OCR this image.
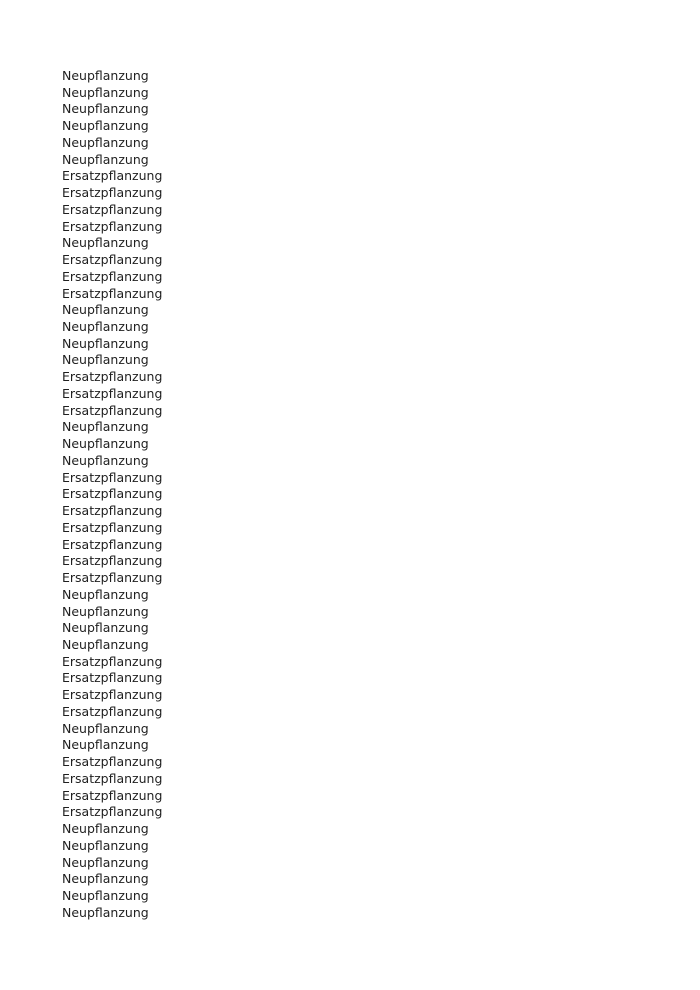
Neupflanzung
Neupflanzung
Neupflanzung
Neupflanzung
Neupflanzung
Neupflanzung
Ersatzpflanzung
Ersatzpflanzung
Ersatzpflanzung
Ersatzpflanzung
Neupflanzung
Ersatzpflanzung
Ersatzpflanzung
Ersatzpflanzung
Neupflanzung
Neupflanzung
Neupflanzung
Neupflanzung
Ersatzpflanzung
Ersatzpflanzung
Ersatzpflanzung
Neupflanzung
Neupflanzung
Neupflanzung
Ersatzpflanzung
Ersatzpflanzung
Ersatzpflanzung
Ersatzpflanzung
Ersatzpflanzung
Ersatzpflanzung
Ersatzpflanzung
Neupflanzung
Neupflanzung
Neupflanzung
Neupflanzung
Ersatzpflanzung
Ersatzpflanzung
Ersatzpflanzung
Ersatzpflanzung
Neupflanzung
Neupflanzung
Ersatzpflanzung
Ersatzpflanzung
Ersatzpflanzung
Ersatzpflanzung
Neupflanzung
Neupflanzung
Neupflanzung
Neupflanzung
Neupflanzung
Neupflanzung
